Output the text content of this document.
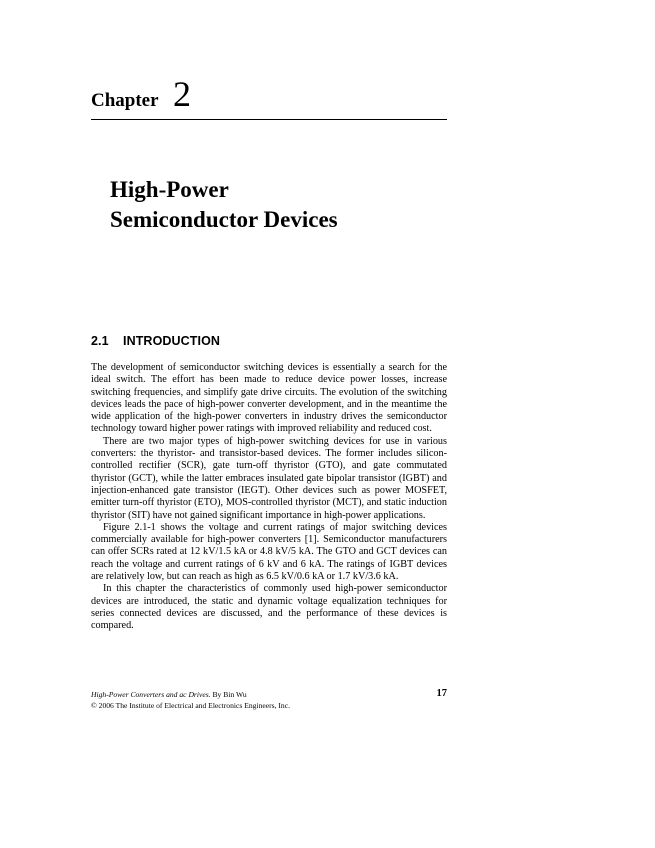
Chapter 2
High-Power
Semiconductor Devices
2.1 INTRODUCTION

The development of semiconductor switching devices is essentially a search for the ideal switch. The effort has been made to reduce device power losses, increase switching frequencies, and simplify gate drive circuits. The evolution of the switching devices leads the pace of high-power converter development, and in the meantime the wide application of the high-power converters in industry drives the semiconductor technology toward higher power ratings with improved reliability and reduced cost.

There are two major types of high-power switching devices for use in various converters: the thyristor- and transistor-based devices. The former includes silicon-controlled rectifier (SCR), gate turn-off thyristor (GTO), and gate commutated thyristor (GCT), while the latter embraces insulated gate bipolar transistor (IGBT) and injection-enhanced gate transistor (IEGT). Other devices such as power MOSFET, emitter turn-off thyristor (ETO), MOS-controlled thyristor (MCT), and static induction thyristor (SIT) have not gained significant importance in high-power applications.

Figure 2.1-1 shows the voltage and current ratings of major switching devices commercially available for high-power converters [1]. Semiconductor manufacturers can offer SCRs rated at 12 kV/1.5 kA or 4.8 kV/5 kA. The GTO and GCT devices can reach the voltage and current ratings of 6 kV and 6 kA. The ratings of IGBT devices are relatively low, but can reach as high as 6.5 kV/0.6 kA or 1.7 kV/3.6 kA.

In this chapter the characteristics of commonly used high-power semiconductor devices are introduced, the static and dynamic voltage equalization techniques for series connected devices are discussed, and the performance of these devices is compared.

High-Power Converters and ac Drives. By Bin Wu
© 2006 The Institute of Electrical and Electronics Engineers, Inc.
17
